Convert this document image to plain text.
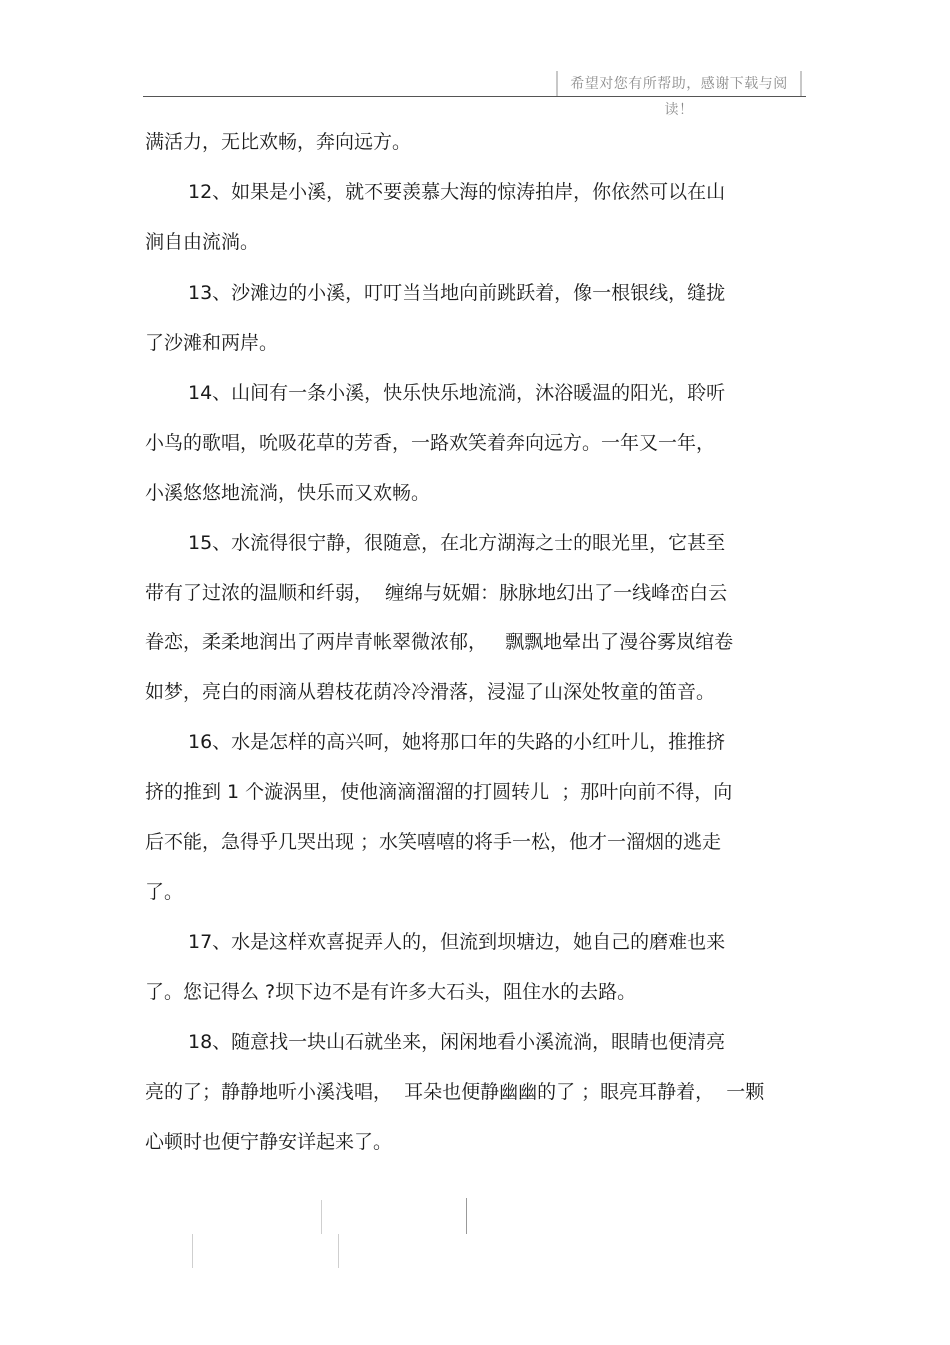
希望对您有所帮助，感谢下载与阅读！
满活力，无比欢畅，奔向远方。
12、如果是小溪，就不要羡慕大海的惊涛拍岸，你依然可以在山
涧自由流淌。
13、沙滩边的小溪，叮叮当当地向前跳跃着，像一根银线，缝拢
了沙滩和两岸。
14、山间有一条小溪，快乐快乐地流淌，沐浴暖温的阳光，聆听
小鸟的歌唱，吮吸花草的芳香，一路欢笑着奔向远方。一年又一年，
小溪悠悠地流淌，快乐而又欢畅。
15、水流得很宁静，很随意，在北方湖海之士的眼光里，它甚至
带有了过浓的温顺和纤弱，  缠绵与妩媚：脉脉地幻出了一线峰峦白云
眷恋，柔柔地润出了两岸青帐翠微浓郁，   飘飘地晕出了漫谷雾岚绾卷
如梦，亮白的雨滴从碧枝花荫冷冷滑落，浸湿了山深处牧童的笛音。
16、水是怎样的高兴呵，她将那口年的失路的小红叶儿，推推挤
挤的推到 1 个漩涡里，使他滴滴溜溜的打圆转儿  ；那叶向前不得，向
后不能，急得乎几哭出现 ；水笑嘻嘻的将手一松，他才一溜烟的逃走
了。
17、水是这样欢喜捉弄人的，但流到坝塘边，她自己的磨难也来
了。您记得么 ?坝下边不是有许多大石头，阻住水的去路。
18、随意找一块山石就坐来，闲闲地看小溪流淌，眼睛也便清亮
亮的了；静静地听小溪浅唱，  耳朵也便静幽幽的了 ；眼亮耳静着，  一颗
心顿时也便宁静安详起来了。
